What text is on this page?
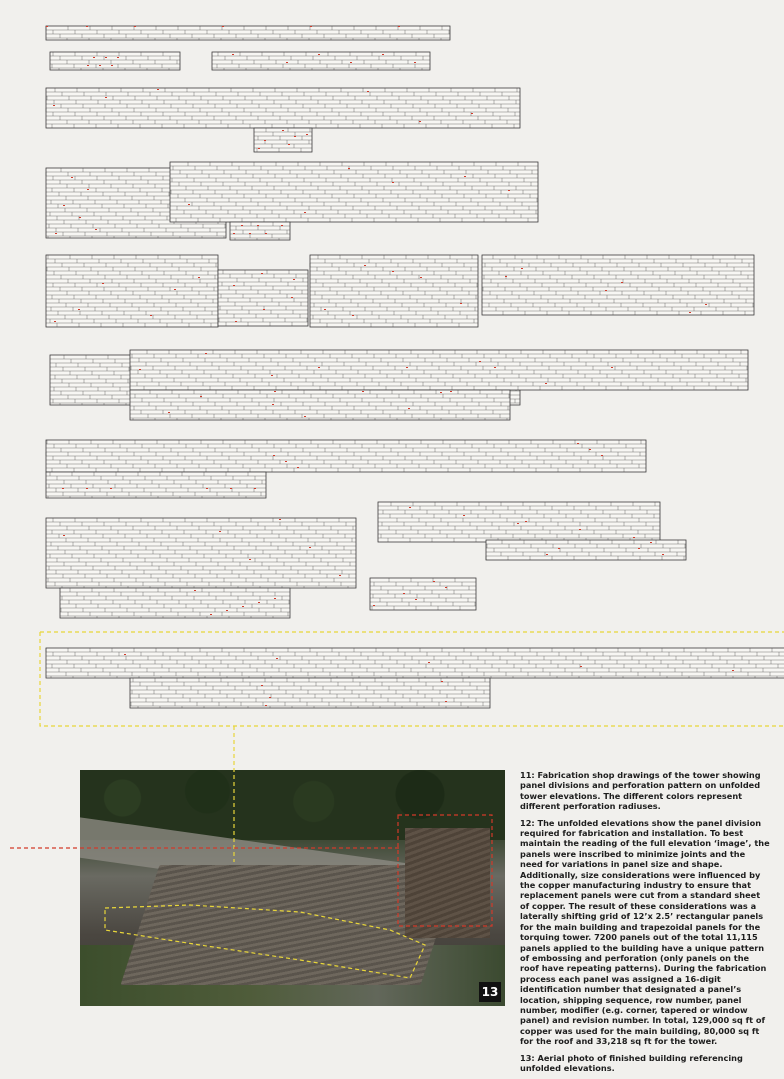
13

11: Fabrication shop drawings of the tower showing panel divisions and perforation pattern on unfolded tower elevations. The different colors represent different perforation radiuses.

12: The unfolded elevations show the panel division required for fabrication and installation. To best maintain the reading of the full elevation ‘image’, the panels were inscribed to minimize joints and the need for variations in panel size and shape. Additionally, size considerations were influenced by the copper manufacturing industry to ensure that replacement panels were cut from a standard sheet of copper. The result of these considerations was a laterally shifting grid of 12’x 2.5’ rectangular panels for the main building and trapezoidal panels for the torquing tower. 7200 panels out of the total 11,115 panels applied to the building have a unique pattern of embossing and perforation (only panels on the roof have repeating patterns). During the fabrication process each panel was assigned a 16-digit identification number that designated a panel’s location, shipping sequence, row number, panel number, modifier (e.g. corner, tapered or window panel) and revision number. In total, 129,000 sq ft of copper was used for the main building, 80,000 sq ft for the roof and 33,218 sq ft for the tower.

13: Aerial photo of finished building referencing unfolded elevations.
